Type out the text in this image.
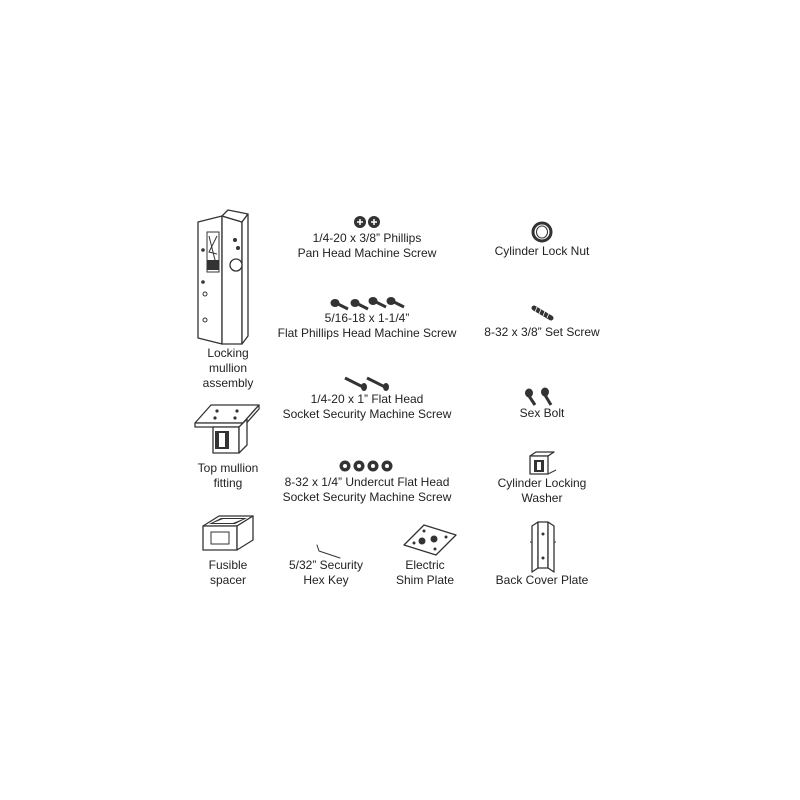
Locking
mullion
assembly
Top mullion
fitting
Fusible
spacer
1/4-20 x 3/8” Phillips
Pan Head Machine Screw
5/16-18 x 1-1/4”
Flat Phillips Head Machine Screw
1/4-20 x 1” Flat Head
Socket Security Machine Screw
8-32 x 1/4” Undercut Flat Head
Socket Security Machine Screw
5/32” Security
Hex Key
Electric
Shim Plate
Cylinder Lock Nut
8-32 x 3/8” Set Screw
Sex Bolt
Cylinder Locking
Washer
Back Cover Plate
